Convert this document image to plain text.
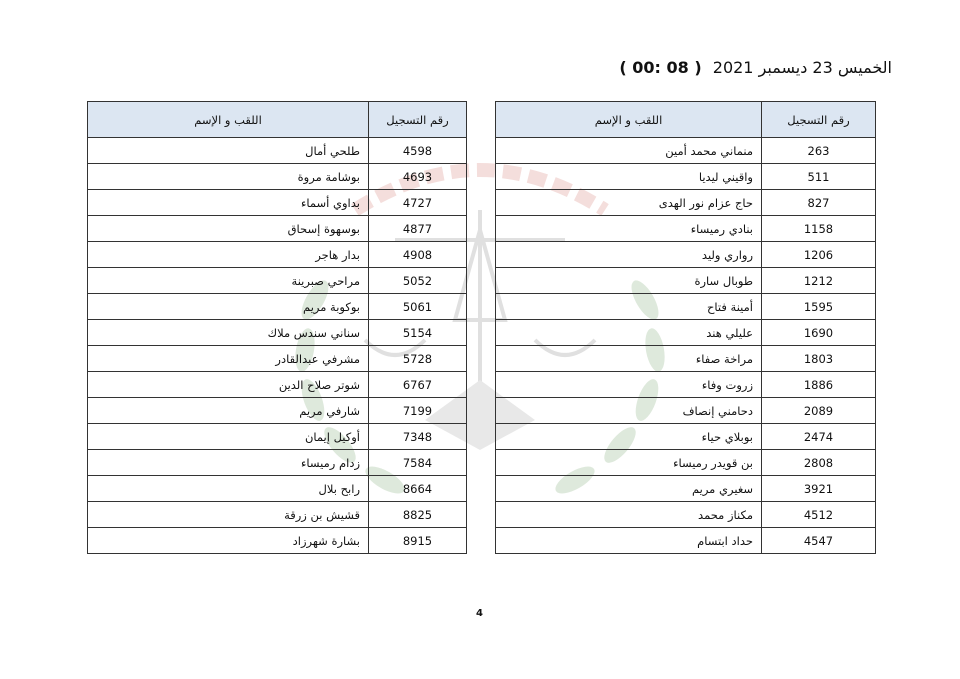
الخميس 23 ديسمبر 2021 ( 08 :00 )
رقم التسجيل	اللقب و الإسم
263	منماني محمد أمين
511	واقيني ليديا
827	حاج عزام نور الهدى
1158	بنادي رميساء
1206	رواري وليد
1212	طوبال سارة
1595	أمينة فتاح
1690	عليلي هند
1803	مراخة صفاء
1886	زروت وفاء
2089	دحامني إنصاف
2474	بوبلاي حياء
2808	بن قويدر رميساء
3921	سغيري مريم
4512	مكناز محمد
4547	حداد ابتسام
رقم التسجيل	اللقب و الإسم
4598	طلحي أمال
4693	بوشامة مروة
4727	بداوي أسماء
4877	بوسهوة إسحاق
4908	بدار هاجر
5052	مراحي صبرينة
5061	بوكوبة مريم
5154	سناني سندس ملاك
5728	مشرفي عبدالقادر
6767	شوتر صلاح الدين
7199	شارفي مريم
7348	أوكيل إيمان
7584	زدام رميساء
8664	رابح بلال
8825	قشيش بن زرقة
8915	بشارة شهرزاد
4
